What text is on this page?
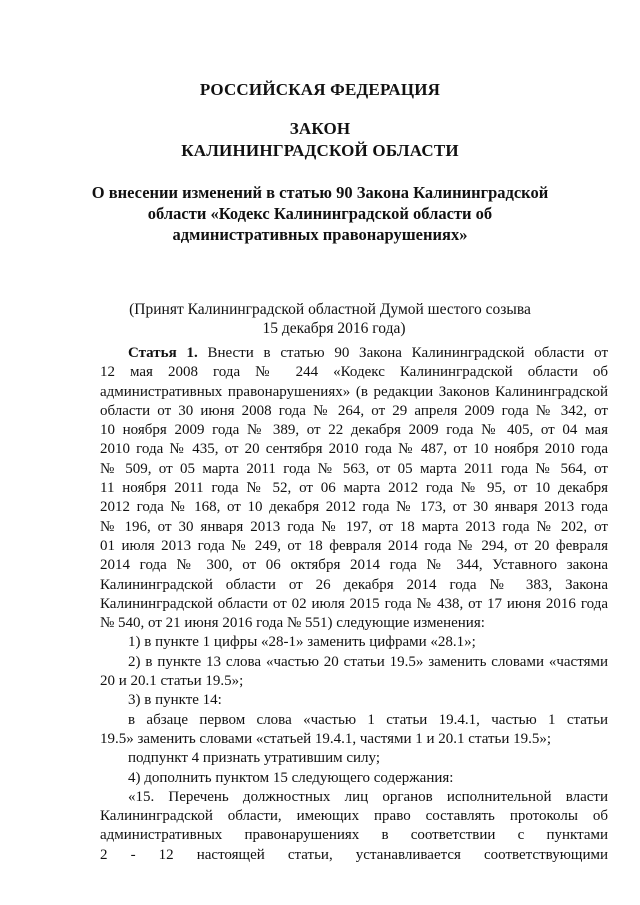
РОССИЙСКАЯ ФЕДЕРАЦИЯ
ЗАКОН
КАЛИНИНГРАДСКОЙ ОБЛАСТИ
О внесении изменений в статью 90 Закона Калининградской
области «Кодекс Калининградской области об
административных правонарушениях»
(Принят Калининградской областной Думой шестого созыва
15 декабря 2016 года)
Статья 1. Внести в статью 90 Закона Калининградской области от
12 мая 2008 года № 244 «Кодекс Калининградской области об
административных правонарушениях» (в редакции Законов Калининградской
области от 30 июня 2008 года № 264, от 29 апреля 2009 года № 342, от
10 ноября 2009 года № 389, от 22 декабря 2009 года № 405, от 04 мая
2010 года № 435, от 20 сентября 2010 года № 487, от 10 ноября 2010 года
№ 509, от 05 марта 2011 года № 563, от 05 марта 2011 года № 564, от
11 ноября 2011 года № 52, от 06 марта 2012 года № 95, от 10 декабря
2012 года № 168, от 10 декабря 2012 года № 173, от 30 января 2013 года
№ 196, от 30 января 2013 года № 197, от 18 марта 2013 года № 202, от
01 июля 2013 года № 249, от 18 февраля 2014 года № 294, от 20 февраля
2014 года № 300, от 06 октября 2014 года № 344, Уставного закона
Калининградской области от 26 декабря 2014 года № 383, Закона
Калининградской области от 02 июля 2015 года № 438, от 17 июня 2016 года
№ 540, от 21 июня 2016 года № 551) следующие изменения:
1) в пункте 1 цифры «28-1» заменить цифрами «28.1»;
2) в пункте 13 слова «частью 20 статьи 19.5» заменить словами «частями
20 и 20.1 статьи 19.5»;
3) в пункте 14:
в абзаце первом слова «частью 1 статьи 19.4.1, частью 1 статьи
19.5» заменить словами «статьей 19.4.1, частями 1 и 20.1 статьи 19.5»;
подпункт 4 признать утратившим силу;
4) дополнить пунктом 15 следующего содержания:
«15. Перечень должностных лиц органов исполнительной власти
Калининградской области, имеющих право составлять протоколы об
административных правонарушениях в соответствии с пунктами
2 - 12 настоящей статьи, устанавливается соответствующими
